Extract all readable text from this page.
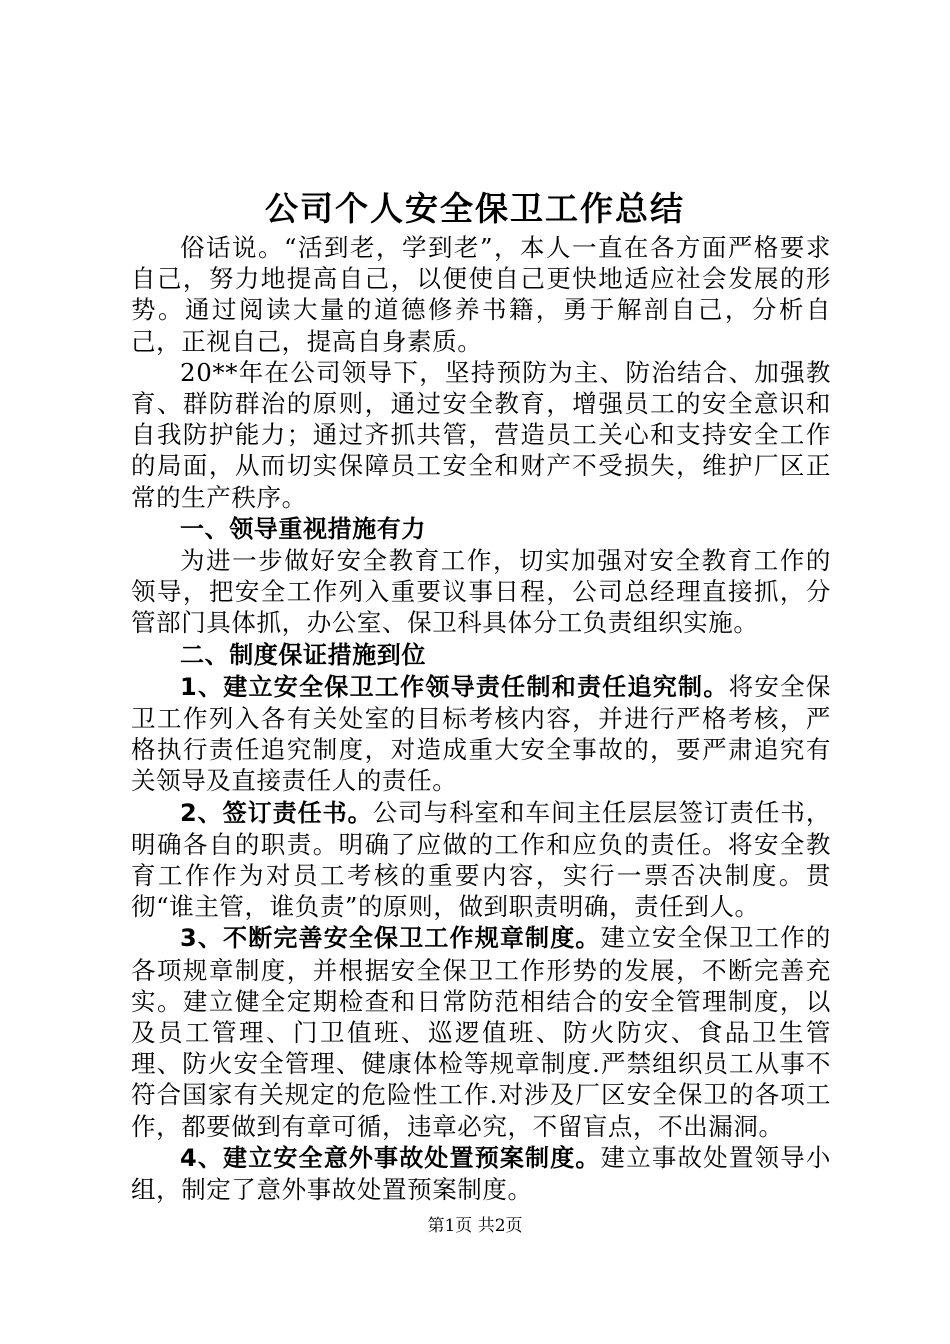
公司个人安全保卫工作总结

俗话说。“活到老，学到老”，本人一直在各方面严格要求自己，努力地提高自己，以便使自己更快地适应社会发展的形势。通过阅读大量的道德修养书籍，勇于解剖自己，分析自己，正视自己，提高自身素质。

20**年在公司领导下，坚持预防为主、防治结合、加强教育、群防群治的原则，通过安全教育，增强员工的安全意识和自我防护能力；通过齐抓共管，营造员工关心和支持安全工作的局面，从而切实保障员工安全和财产不受损失，维护厂区正常的生产秩序。

一、领导重视措施有力

为进一步做好安全教育工作，切实加强对安全教育工作的领导，把安全工作列入重要议事日程，公司总经理直接抓，分管部门具体抓，办公室、保卫科具体分工负责组织实施。

二、制度保证措施到位

1、建立安全保卫工作领导责任制和责任追究制。将安全保卫工作列入各有关处室的目标考核内容，并进行严格考核，严格执行责任追究制度，对造成重大安全事故的，要严肃追究有关领导及直接责任人的责任。

2、签订责任书。公司与科室和车间主任层层签订责任书，明确各自的职责。明确了应做的工作和应负的责任。将安全教育工作作为对员工考核的重要内容，实行一票否决制度。贯彻“谁主管，谁负责”的原则，做到职责明确，责任到人。

3、不断完善安全保卫工作规章制度。建立安全保卫工作的各项规章制度，并根据安全保卫工作形势的发展，不断完善充实。建立健全定期检查和日常防范相结合的安全管理制度，以及员工管理、门卫值班、巡逻值班、防火防灾、食品卫生管理、防火安全管理、健康体检等规章制度.严禁组织员工从事不符合国家有关规定的危险性工作.对涉及厂区安全保卫的各项工作，都要做到有章可循，违章必究，不留盲点，不出漏洞。

4、建立安全意外事故处置预案制度。建立事故处置领导小组，制定了意外事故处置预案制度。

第1页 共2页
